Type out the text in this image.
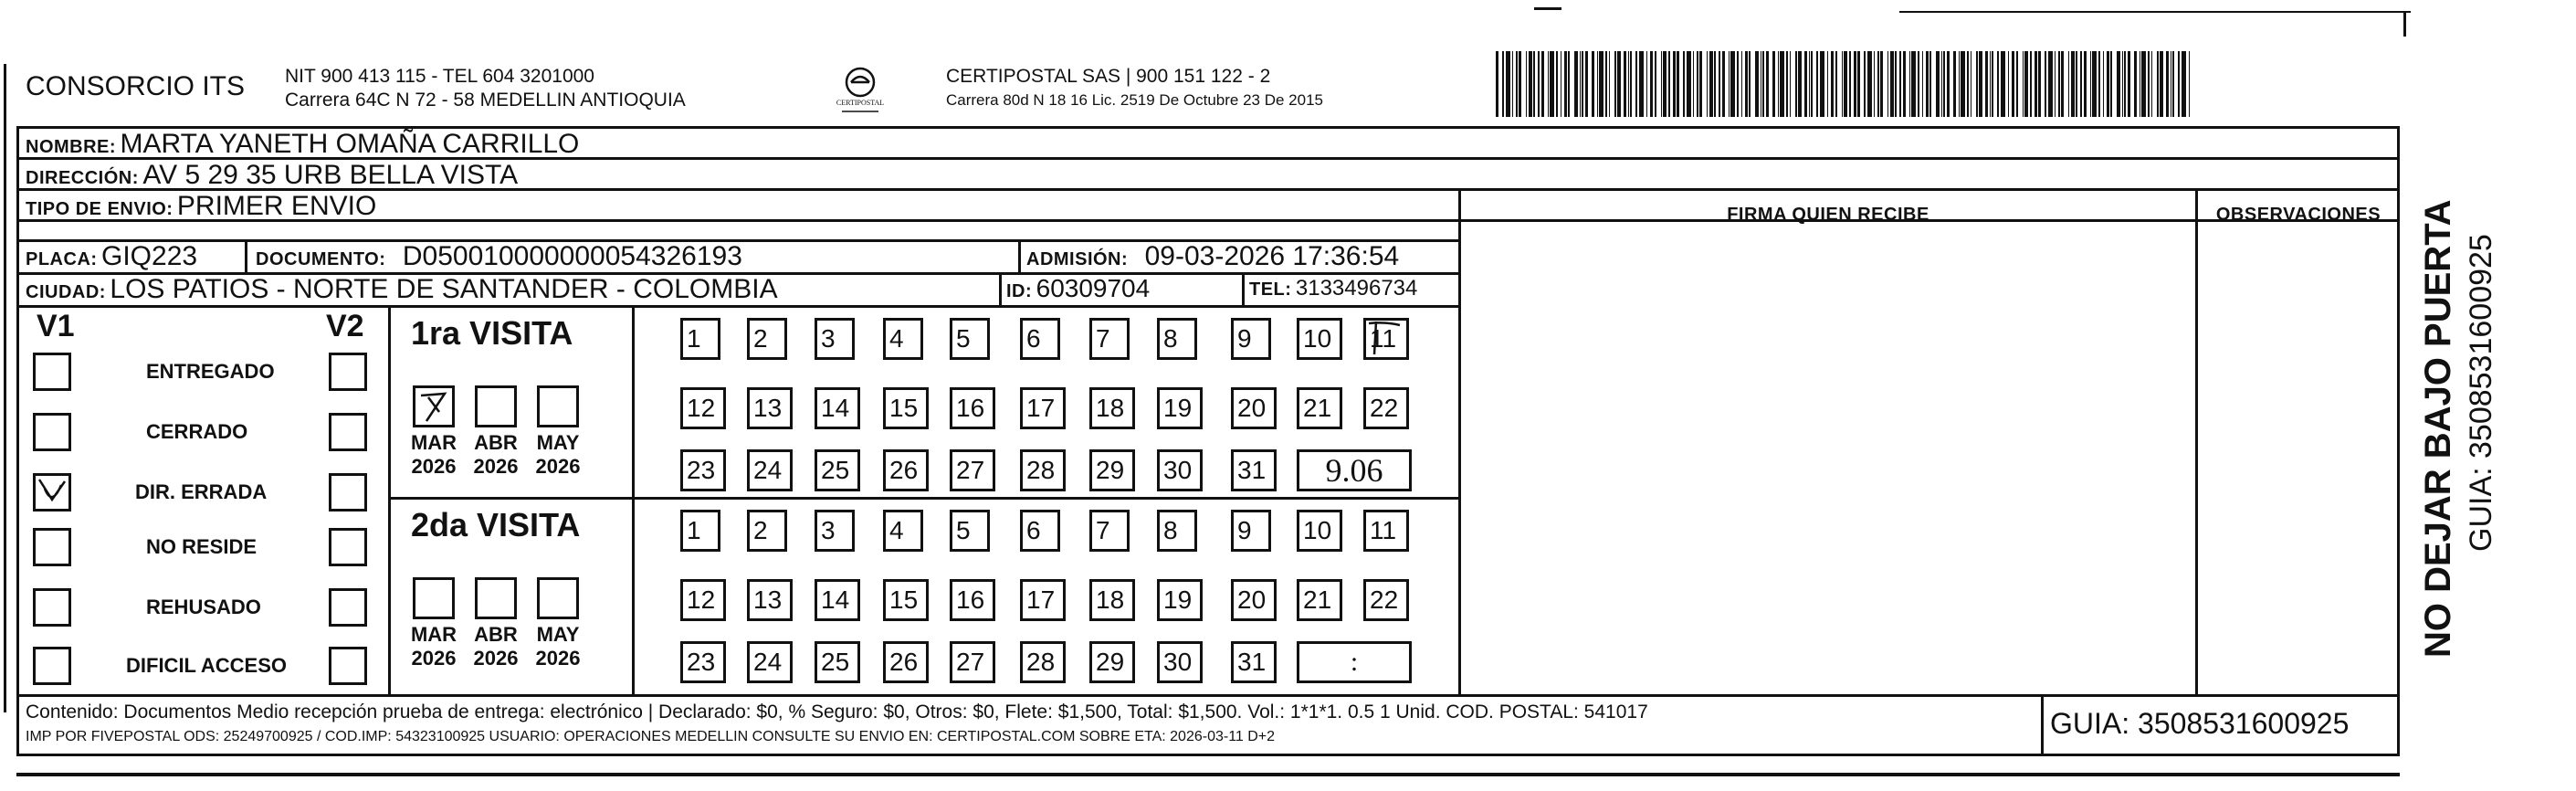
CONSORCIO ITS NIT 900 413 115 - TEL 604 3201000
Carrera 64C N 72 - 58 MEDELLIN ANTIOQUIA	CERTIPOSTAL
CERTIPOSTAL SAS | 900 151 122 - 2
Carrera 80d N 18 16 Lic. 2519 De Octubre 23 De 2015
NOMBRE: MARTA YANETH OMAÑA CARRILLO
DIRECCIÓN: AV 5 29 35 URB BELLA VISTA
TIPO DE ENVIO: PRIMER ENVIO	FIRMA QUIEN RECIBE	OBSERVACIONES
PLACA: GIQ223	DOCUMENTO: D050010000000054326193	ADMISIÓN: 09-03-2026 17:36:54
CIUDAD: LOS PATIOS - NORTE DE SANTANDER - COLOMBIA	ID: 60309704	TEL: 3133496734
V1	V2
ENTREGADO
CERRADO
DIR. ERRADA
NO RESIDE
REHUSADO
DIFICIL ACCESO
1ra VISITA
MAR
2026
ABR
2026
MAY
2026
1	2	3	4	5	6	7	8	9	10	11
12	13	14	15	16	17	18	19	20	21	22
23	24	25	26	27	28	29	30	31	9.06
2da VISITA
MAR
2026
ABR
2026
MAY
2026
1	2	3	4	5	6	7	8	9	10	11
12	13	14	15	16	17	18	19	20	21	22
23	24	25	26	27	28	29	30	31	:
Contenido: Documentos Medio recepción prueba de entrega: electrónico | Declarado: $0, % Seguro: $0, Otros: $0, Flete: $1,500, Total: $1,500. Vol.: 1*1*1. 0.5 1 Unid. COD. POSTAL: 541017
IMP POR FIVEPOSTAL ODS: 25249700925 / COD.IMP: 54323100925 USUARIO: OPERACIONES MEDELLIN CONSULTE SU ENVIO EN: CERTIPOSTAL.COM SOBRE ETA: 2026-03-11 D+2	GUIA: 3508531600925
NO DEJAR BAJO PUERTA GUIA: 3508531600925
